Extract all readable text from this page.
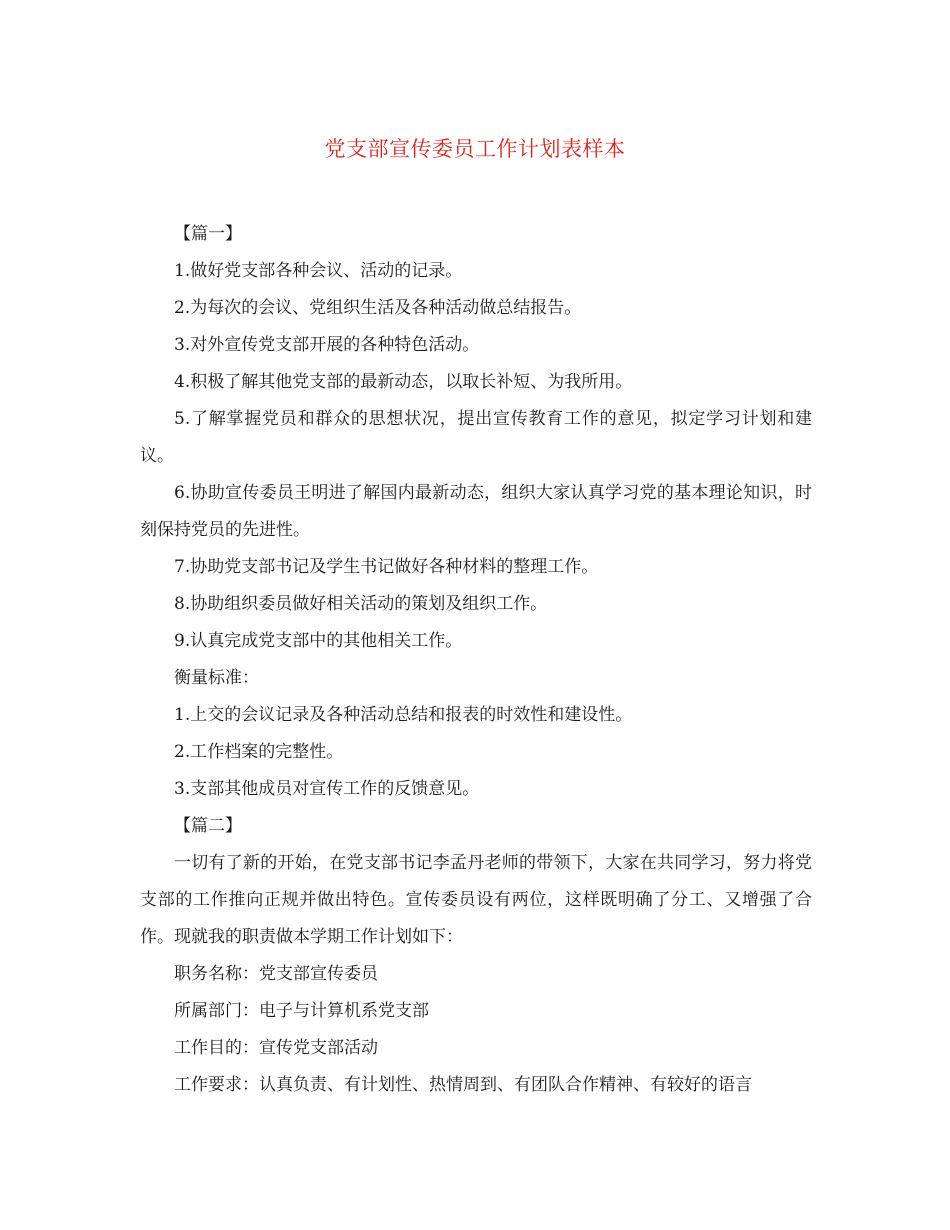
党支部宣传委员工作计划表样本

【篇一】

1.做好党支部各种会议、活动的记录。

2.为每次的会议、党组织生活及各种活动做总结报告。

3.对外宣传党支部开展的各种特色活动。

4.积极了解其他党支部的最新动态，以取长补短、为我所用。

5.了解掌握党员和群众的思想状况，提出宣传教育工作的意见，拟定学习计划和建议。

6.协助宣传委员王明进了解国内最新动态，组织大家认真学习党的基本理论知识，时刻保持党员的先进性。

7.协助党支部书记及学生书记做好各种材料的整理工作。

8.协助组织委员做好相关活动的策划及组织工作。

9.认真完成党支部中的其他相关工作。

衡量标准：

1.上交的会议记录及各种活动总结和报表的时效性和建设性。

2.工作档案的完整性。

3.支部其他成员对宣传工作的反馈意见。

【篇二】

一切有了新的开始，在党支部书记李孟丹老师的带领下，大家在共同学习，努力将党支部的工作推向正规并做出特色。宣传委员设有两位，这样既明确了分工、又增强了合作。现就我的职责做本学期工作计划如下：

职务名称：党支部宣传委员

所属部门：电子与计算机系党支部

工作目的：宣传党支部活动

工作要求：认真负责、有计划性、热情周到、有团队合作精神、有较好的语言
